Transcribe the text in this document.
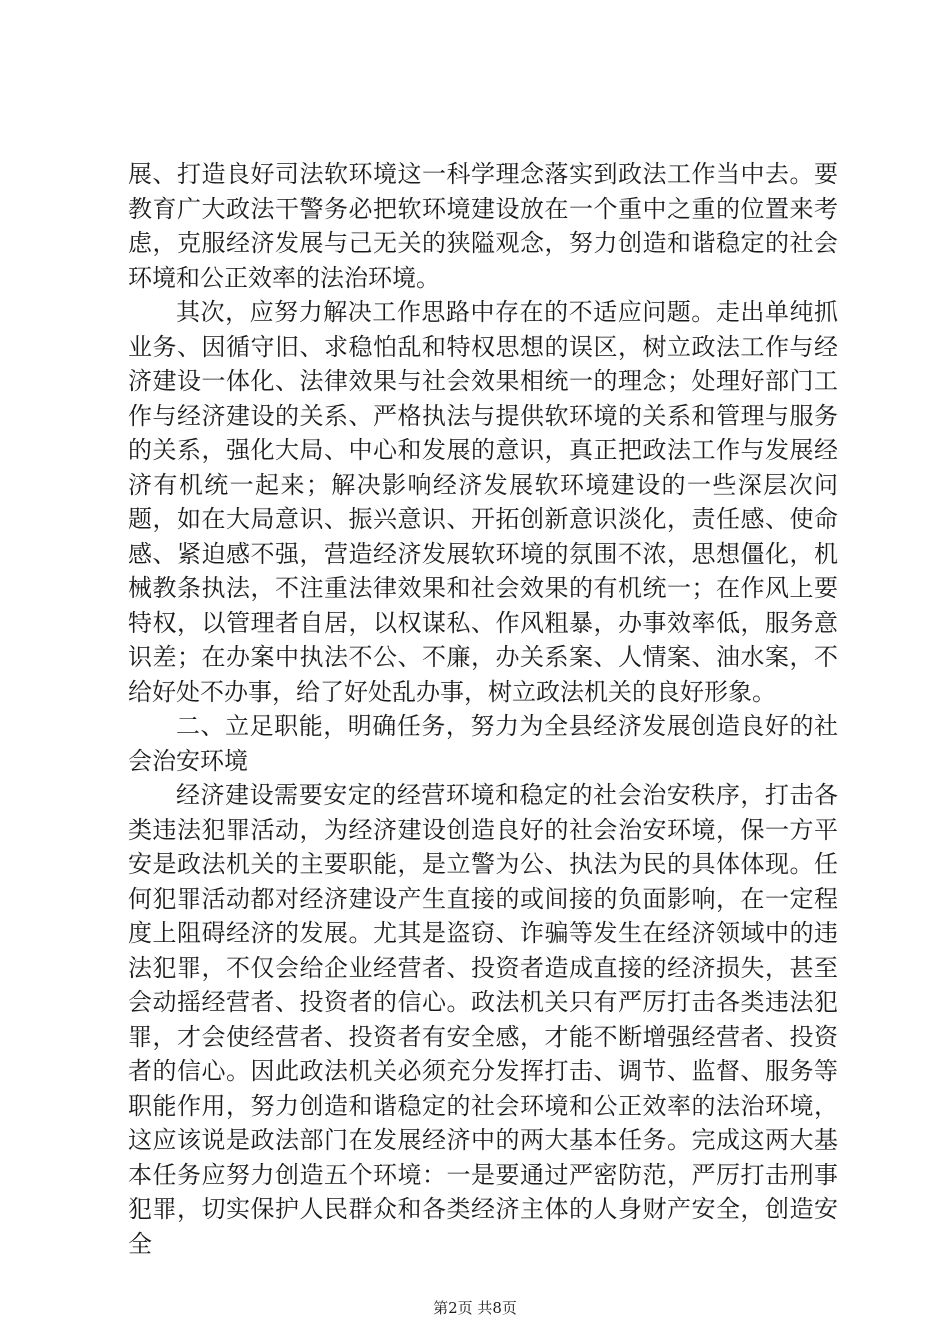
展、打造良好司法软环境这一科学理念落实到政法工作当中去。要教育广大政法干警务必把软环境建设放在一个重中之重的位置来考虑，克服经济发展与己无关的狭隘观念，努力创造和谐稳定的社会环境和公正效率的法治环境。

其次，应努力解决工作思路中存在的不适应问题。走出单纯抓业务、因循守旧、求稳怕乱和特权思想的误区，树立政法工作与经济建设一体化、法律效果与社会效果相统一的理念；处理好部门工作与经济建设的关系、严格执法与提供软环境的关系和管理与服务的关系，强化大局、中心和发展的意识，真正把政法工作与发展经济有机统一起来；解决影响经济发展软环境建设的一些深层次问题，如在大局意识、振兴意识、开拓创新意识淡化，责任感、使命感、紧迫感不强，营造经济发展软环境的氛围不浓，思想僵化，机械教条执法，不注重法律效果和社会效果的有机统一；在作风上要特权，以管理者自居，以权谋私、作风粗暴，办事效率低，服务意识差；在办案中执法不公、不廉，办关系案、人情案、油水案，不给好处不办事，给了好处乱办事，树立政法机关的良好形象。

二、立足职能，明确任务，努力为全县经济发展创造良好的社会治安环境

经济建设需要安定的经营环境和稳定的社会治安秩序，打击各类违法犯罪活动，为经济建设创造良好的社会治安环境，保一方平安是政法机关的主要职能，是立警为公、执法为民的具体体现。任何犯罪活动都对经济建设产生直接的或间接的负面影响，在一定程度上阻碍经济的发展。尤其是盗窃、诈骗等发生在经济领域中的违法犯罪，不仅会给企业经营者、投资者造成直接的经济损失，甚至会动摇经营者、投资者的信心。政法机关只有严厉打击各类违法犯罪，才会使经营者、投资者有安全感，才能不断增强经营者、投资者的信心。因此政法机关必须充分发挥打击、调节、监督、服务等职能作用，努力创造和谐稳定的社会环境和公正效率的法治环境，这应该说是政法部门在发展经济中的两大基本任务。完成这两大基本任务应努力创造五个环境：一是要通过严密防范，严厉打击刑事犯罪，切实保护人民群众和各类经济主体的人身财产安全，创造安全

第2页 共8页
